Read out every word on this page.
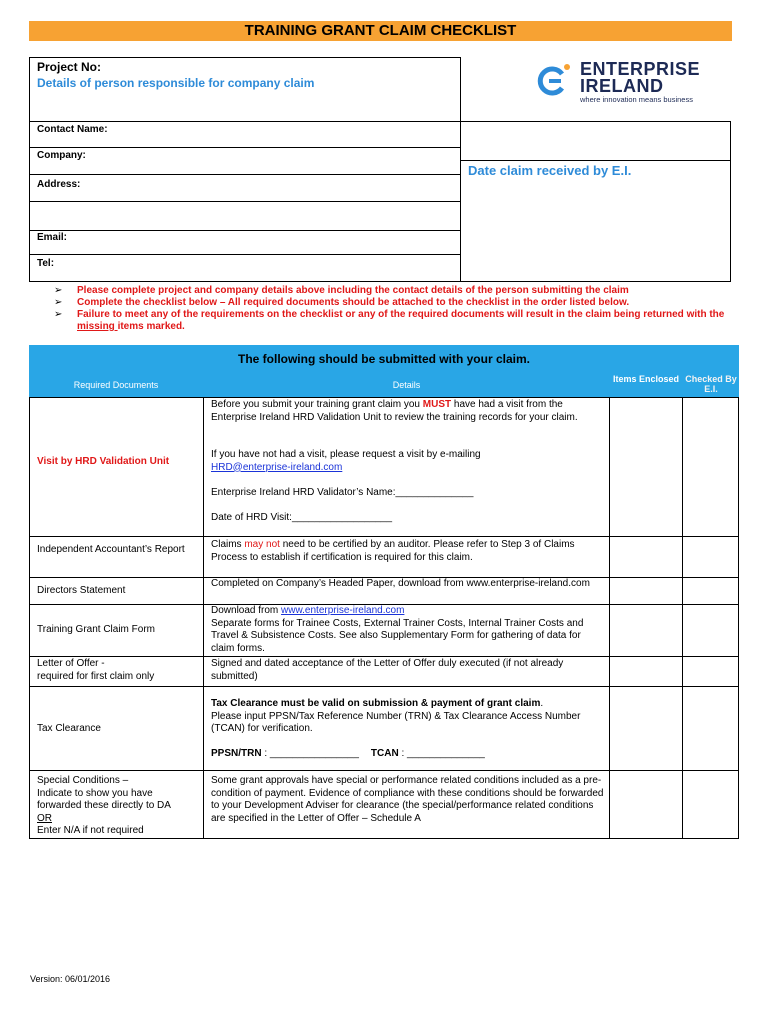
TRAINING GRANT CLAIM CHECKLIST
Project No:
Details of person responsible for company claim
Contact Name:
Company:
Address:
Email:
Tel:
Date claim received by E.I.
ENTERPRISE
IRELAND
where innovation means business
➢ Please complete project and company details above including the contact details of the person submitting the claim
➢ Complete the checklist below – All required documents should be attached to the checklist in the order listed below.
➢ Failure to meet any of the requirements on the checklist or any of the required documents will result in the claim being returned with the missing items marked.
The following should be submitted with your claim.
Required Documents	Details
Items Enclosed Checked By E.I.
Visit by HRD Validation Unit
Before you submit your training grant claim you MUST have had a visit from the Enterprise Ireland HRD Validation Unit to review the training records for your claim.
If you have not had a visit, please request a visit by e-mailing
HRD@enterprise-ireland.com
Enterprise Ireland HRD Validator’s Name:______________
Date of HRD Visit:__________________
Independent Accountant’s Report	Claims may not need to be certified by an auditor. Please refer to Step 3 of Claims Process to establish if certification is required for this claim.
Directors Statement
Completed on Company’s Headed Paper, download from www.enterprise-ireland.com
Training Grant Claim Form
Download from www.enterprise-ireland.com
Separate forms for Trainee Costs, External Trainer Costs, Internal Trainer Costs and Travel & Subsistence Costs. See also Supplementary Form for gathering of data for claim forms.
Letter of Offer -
required for first claim only
Signed and dated acceptance of the Letter of Offer duly executed (if not already submitted)
Tax Clearance
Tax Clearance must be valid on submission & payment of grant claim.
Please input PPSN/Tax Reference Number (TRN) & Tax Clearance Access Number (TCAN) for verification.
PPSN/TRN : ________________ TCAN : ______________
Special Conditions –
Indicate to show you have forwarded these directly to DA
OR
Enter N/A if not required
Some grant approvals have special or performance related conditions included as a pre-condition of payment. Evidence of compliance with these conditions should be forwarded to your Development Adviser for clearance (the special/performance related conditions are specified in the Letter of Offer – Schedule A
Version: 06/01/2016
